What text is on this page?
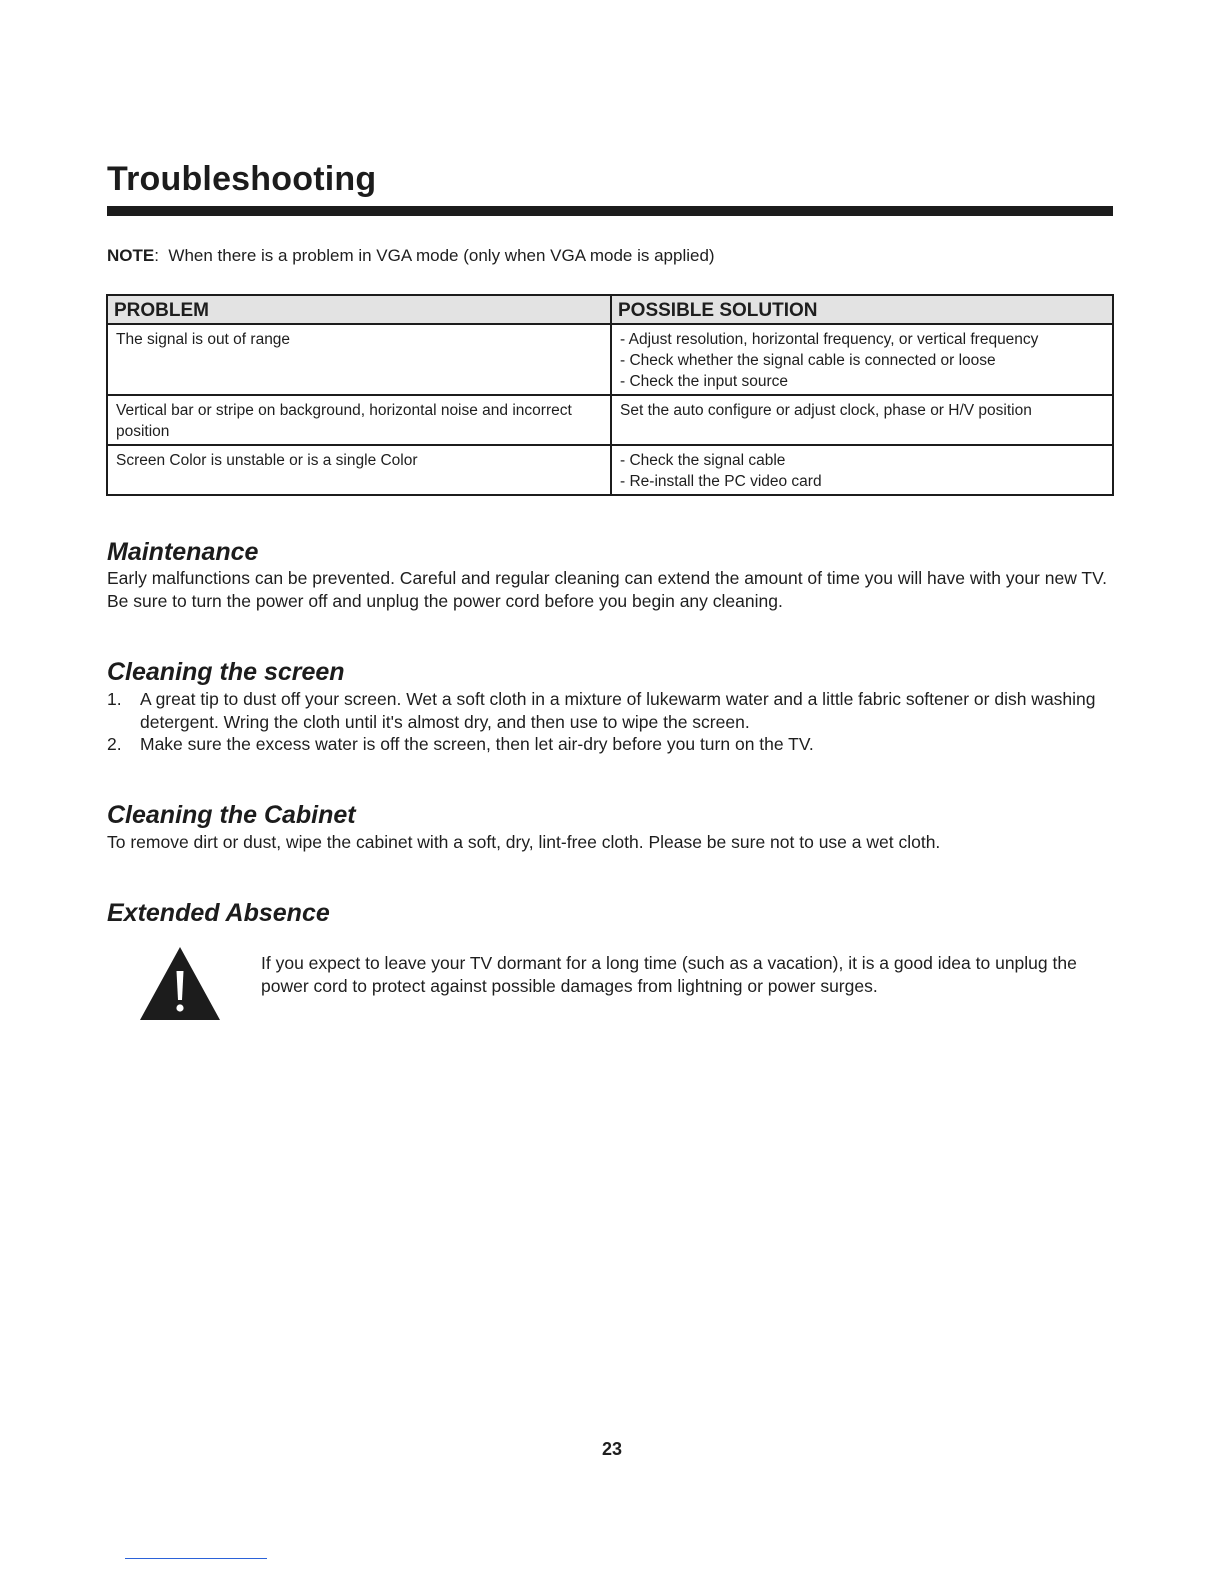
Troubleshooting
NOTE: When there is a problem in VGA mode (only when VGA mode is applied)
PROBLEM	POSSIBLE SOLUTION
The signal is out of range	- Adjust resolution, horizontal frequency, or vertical frequency
- Check whether the signal cable is connected or loose
- Check the input source

Vertical bar or stripe on background, horizontal noise and incorrect position	Set the auto configure or adjust clock, phase or H/V position

Screen Color is unstable or is a single Color	- Check the signal cable
- Re-install the PC video card
Maintenance

Early malfunctions can be prevented. Careful and regular cleaning can extend the amount of time you will have with your new TV. Be sure to turn the power off and unplug the power cord before you begin any cleaning.

Cleaning the screen
1. A great tip to dust off your screen. Wet a soft cloth in a mixture of lukewarm water and a little fabric softener or dish washing detergent. Wring the cloth until it's almost dry, and then use to wipe the screen.
2. Make sure the excess water is off the screen, then let air-dry before you turn on the TV.
Cleaning the Cabinet

To remove dirt or dust, wipe the cabinet with a soft, dry, lint-free cloth. Please be sure not to use a wet cloth.

Extended Absence

If you expect to leave your TV dormant for a long time (such as a vacation), it is a good idea to unplug the power cord to protect against possible damages from lightning or power surges.

23
